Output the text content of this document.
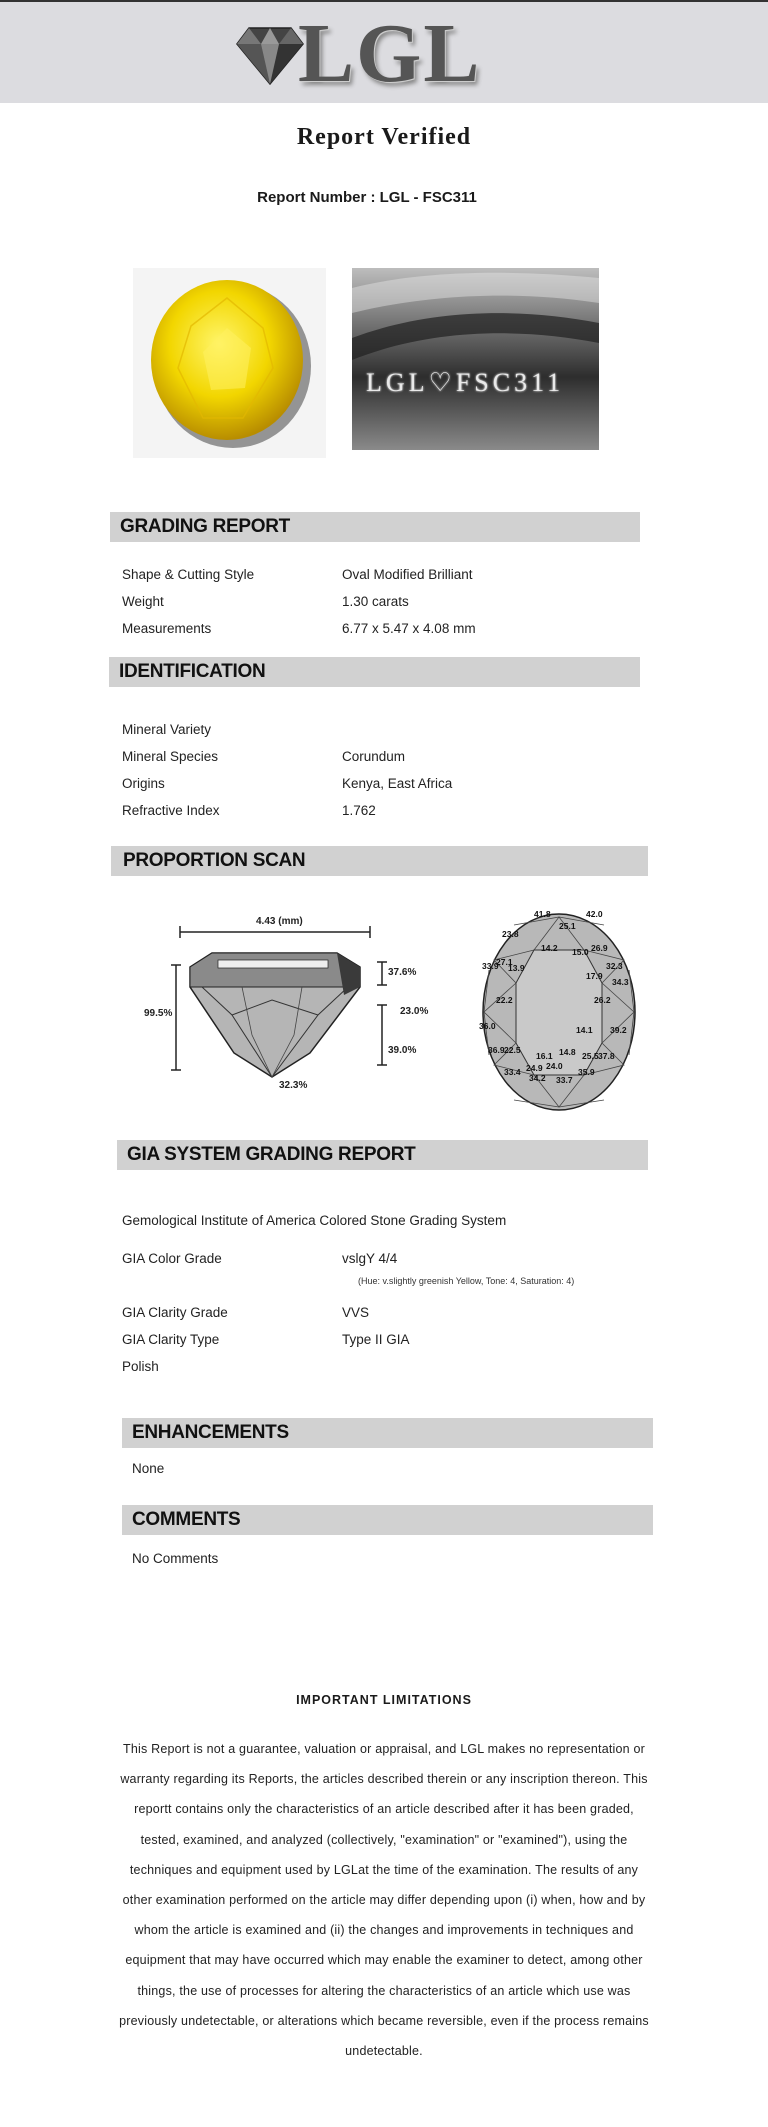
LGL
Report Verified
Report Number : LGL - FSC311
LGL♡FSC311
GRADING REPORT
Shape & Cutting Style	Oval Modified Brilliant
Weight	1.30 carats
Measurements	6.77 x 5.47 x 4.08 mm
IDENTIFICATION
Mineral Variety
Mineral Species	Corundum
Origins	Kenya, East Africa
Refractive Index	1.762
PROPORTION SCAN
4.43 (mm)
99.5%
37.6%
23.0%
39.0%
32.3%
41.8
25.1
42.0
23.8
14.2 15.0 26.9
33.9
27.1
13.9
17.9
32.3
34.3
22.2	26.2
36.0	14.1 39.2
36.9 22.5
16.1 14.8 25.5 37.8
33.4 24.9 24.0
34.2 33.7
35.9
GIA SYSTEM GRADING REPORT
Gemological Institute of America Colored Stone Grading System
GIA Color Grade	vslgY 4/4
(Hue: v.slightly greenish Yellow, Tone: 4, Saturation: 4)
GIA Clarity Grade	VVS
GIA Clarity Type	Type II GIA
Polish
ENHANCEMENTS
None
COMMENTS
No Comments
IMPORTANT LIMITATIONS
This Report is not a guarantee, valuation or appraisal, and LGL makes no representation or warranty regarding its Reports, the articles described therein or any inscription thereon. This reportt contains only the characteristics of an article described after it has been graded, tested, examined, and analyzed (collectively, "examination" or "examined"), using the techniques and equipment used by LGLat the time of the examination. The results of any other examination performed on the article may differ depending upon (i) when, how and by whom the article is examined and (ii) the changes and improvements in techniques and equipment that may have occurred which may enable the examiner to detect, among other things, the use of processes for altering the characteristics of an article which use was previously undetectable, or alterations which became reversible, even if the process remains undetectable.
